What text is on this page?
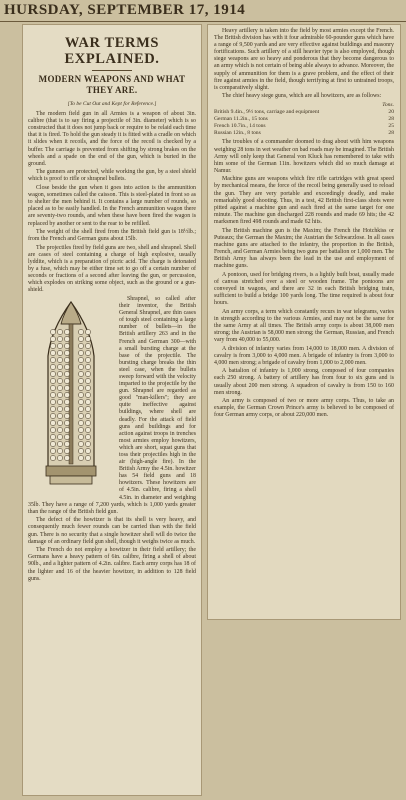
HURSDAY, SEPTEMBER 17, 1914
WAR TERMS
EXPLAINED.
MODERN WEAPONS AND WHAT THEY ARE.
[To be Cut Out and Kept for Reference.]

The modern field gun in all Armies is a weapon of about 3in. calibre (that is to say firing a projectile of 3in. diameter) which is so constructed that it does not jump back or require to be relaid each time that it is fired. To hold the gun steady it is fitted with a cradle on which it slides when it recoils, and the force of the recoil is checked by a buffer. The carriage is prevented from shifting by strong brakes on the wheels and a spade on the end of the gun, which is buried in the ground.

The gunners are protected, while working the gun, by a steel shield which is proof to rifle or shrapnel bullets.

Close beside the gun when it goes into action is the ammunition wagon, sometimes called the caisson. This is steel-plated in front so as to shelter the men behind it. It contains a large number of rounds, so placed as to be easily handled. In the French ammunition wagon there are seventy-two rounds, and when these have been fired the wagon is replaced by another or sent to the rear to be refilled.

The weight of the shell fired from the British field gun is 18½lb.; from the French and German guns about 15lb.

The projectiles fired by field guns are two, shell and shrapnel. Shell are cases of steel containing a charge of high explosive, usually lyddite, which is a preparation of picric acid. The charge is detonated by a fuse, which may be either time set to go off a certain number of seconds or fractions of a second after leaving the gun, or percussion, which explodes on striking some object, such as the ground or a gun-shield.

Shrapnel, so called after their inventor, the British General Shrapnel, are thin cases of tough steel containing a large number of bullets—in the British artillery 263 and in the French and German 300—with a small bursting charge at the base of the projectile. The bursting charge breaks the thin steel case, when the bullets sweep forward with the velocity imparted to the projectile by the gun. Shrapnel are regarded as good "man-killers"; they are quite ineffective against buildings, where shell are deadly. For the attack of field guns and buildings and for action against troops in trenches most armies employ howitzers, which are short, squat guns that toss their projectiles high in the air (high-angle fire). In the British Army the 4.5in. howitzer has 54 field guns and 18 howitzers. These howitzers are of 4.5in. calibre, firing a shell 4.5in. in diameter and weighing 35lb. They have a range of 7,200 yards, which is 1,000 yards greater than the range of the British field gun.

The defect of the howitzer is that its shell is very heavy, and consequently much fewer rounds can be carried than with the field gun. There is no security that a single howitzer shell will do twice the damage of an ordinary field gun shell, though it weighs twice as much.

The French do not employ a howitzer in their field artillery; the Germans have a heavy pattern of 6in. calibre, firing a shell of about 90lb., and a lighter pattern of 4.2in. calibre. Each army corps has 18 of the lighter and 16 of the heavier howitzer, in addition to 128 field guns.

Heavy artillery is taken into the field by most armies except the French. The British division has with it four admirable 60-pounder guns which have a range of 9,500 yards and are very effective against buildings and masonry fortifications. Such artillery of a still heavier type is also employed, though siege weapons are so heavy and ponderous that they become dangerous to an army which is not certain of being able always to advance. Moreover, the supply of ammunition for them is a grave problem, and the effect of their fire against armies in the field, though terrifying at first to untrained troops, is comparatively slight.

The chief heavy siege guns, which are all howitzers, are as follows:

	Tons.
British 9.4in., 9½ tons, carriage and equipment	20
German 11.2in., 15 tons	28
French 10.7in., 14 tons	25
Russian 12in., 8 tons	28

The troubles of a commander doomed to drag about with him weapons weighing 28 tons in wet weather on bad roads may be imagined. The British Army will only keep that General von Kluck has remembered to take with him some of the German 11in. howitzers which did so much damage at Namur.

Machine guns are weapons which fire rifle cartridges with great speed by mechanical means, the force of the recoil being generally used to reload the gun. They are very portable and exceedingly deadly, and make remarkably good shooting. Thus, in a test, 42 British first-class shots were pitted against a machine gun and each fired at the same target for one minute. The machine gun discharged 228 rounds and made 69 hits; the 42 marksmen fired 498 rounds and made 62 hits.

The British machine gun is the Maxim; the French the Hotchkiss or Puteaux; the German the Maxim; the Austrian the Schwarzlose. In all cases machine guns are attached to the infantry, the proportion in the British, French, and German Armies being two guns per battalion or 1,000 men. The British Army has always been the lead in the use and employment of machine guns.

A pontoon, used for bridging rivers, is a lightly built boat, usually made of canvas stretched over a steel or wooden frame. The pontoons are conveyed in wagons, and there are 32 in each British bridging train, sufficient to build a bridge 100 yards long. The time required is about four hours.

An army corps, a term which constantly recurs in war telegrams, varies in strength according to the various Armies, and may not be the same for the same Army at all times. The British army corps is about 38,000 men strong; the Austrian is 58,000 men strong; the German, Russian, and French vary from 40,000 to 55,000.

A division of infantry varies from 14,000 to 18,000 men. A division of cavalry is from 3,000 to 4,000 men. A brigade of infantry is from 3,000 to 4,000 men strong; a brigade of cavalry from 1,000 to 2,000 men.

A battalion of infantry is 1,000 strong, composed of four companies each 250 strong. A battery of artillery has from four to six guns and is usually about 200 men strong. A squadron of cavalry is from 150 to 160 men strong.

An army is composed of two or more army corps. Thus, to take an example, the German Crown Prince's army is believed to be composed of four German army corps, or about 220,000 men.
